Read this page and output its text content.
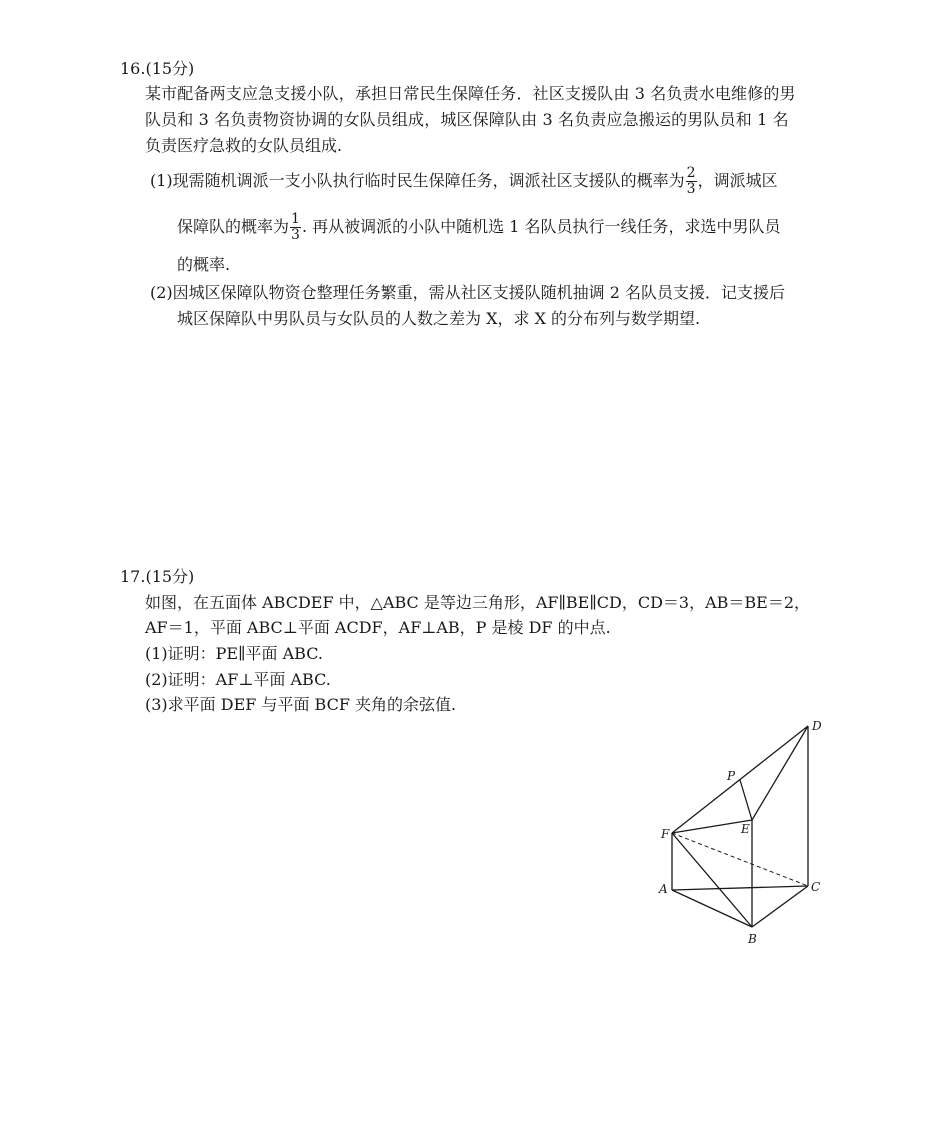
16.(15分)
某市配备两支应急支援小队，承担日常民生保障任务．社区支援队由 3 名负责水电维修的男
队员和 3 名负责物资协调的女队员组成，城区保障队由 3 名负责应急搬运的男队员和 1 名
负责医疗急救的女队员组成.
(1)现需随机调派一支小队执行临时民生保障任务，调派社区支援队的概率为 $\frac{2}{3}$ ，调派城区
保障队的概率为 $\frac{1}{3}$ . 再从被调派的小队中随机选 1 名队员执行一线任务，求选中男队员
的概率.
(2)因城区保障队物资仓整理任务繁重，需从社区支援队随机抽调 2 名队员支援．记支援后
城区保障队中男队员与女队员的人数之差为 X，求 X 的分布列与数学期望.
17.(15分)
如图，在五面体 ABCDEF 中，△ABC 是等边三角形，AF∥BE∥CD，CD＝3，AB＝BE＝2，
AF＝1，平面 ABC⊥平面 ACDF，AF⊥AB，P 是棱 DF 的中点.
(1)证明：PE∥平面 ABC.
(2)证明：AF⊥平面 ABC.
(3)求平面 DEF 与平面 BCF 夹角的余弦值.
D
P
E
F
A	C
B
